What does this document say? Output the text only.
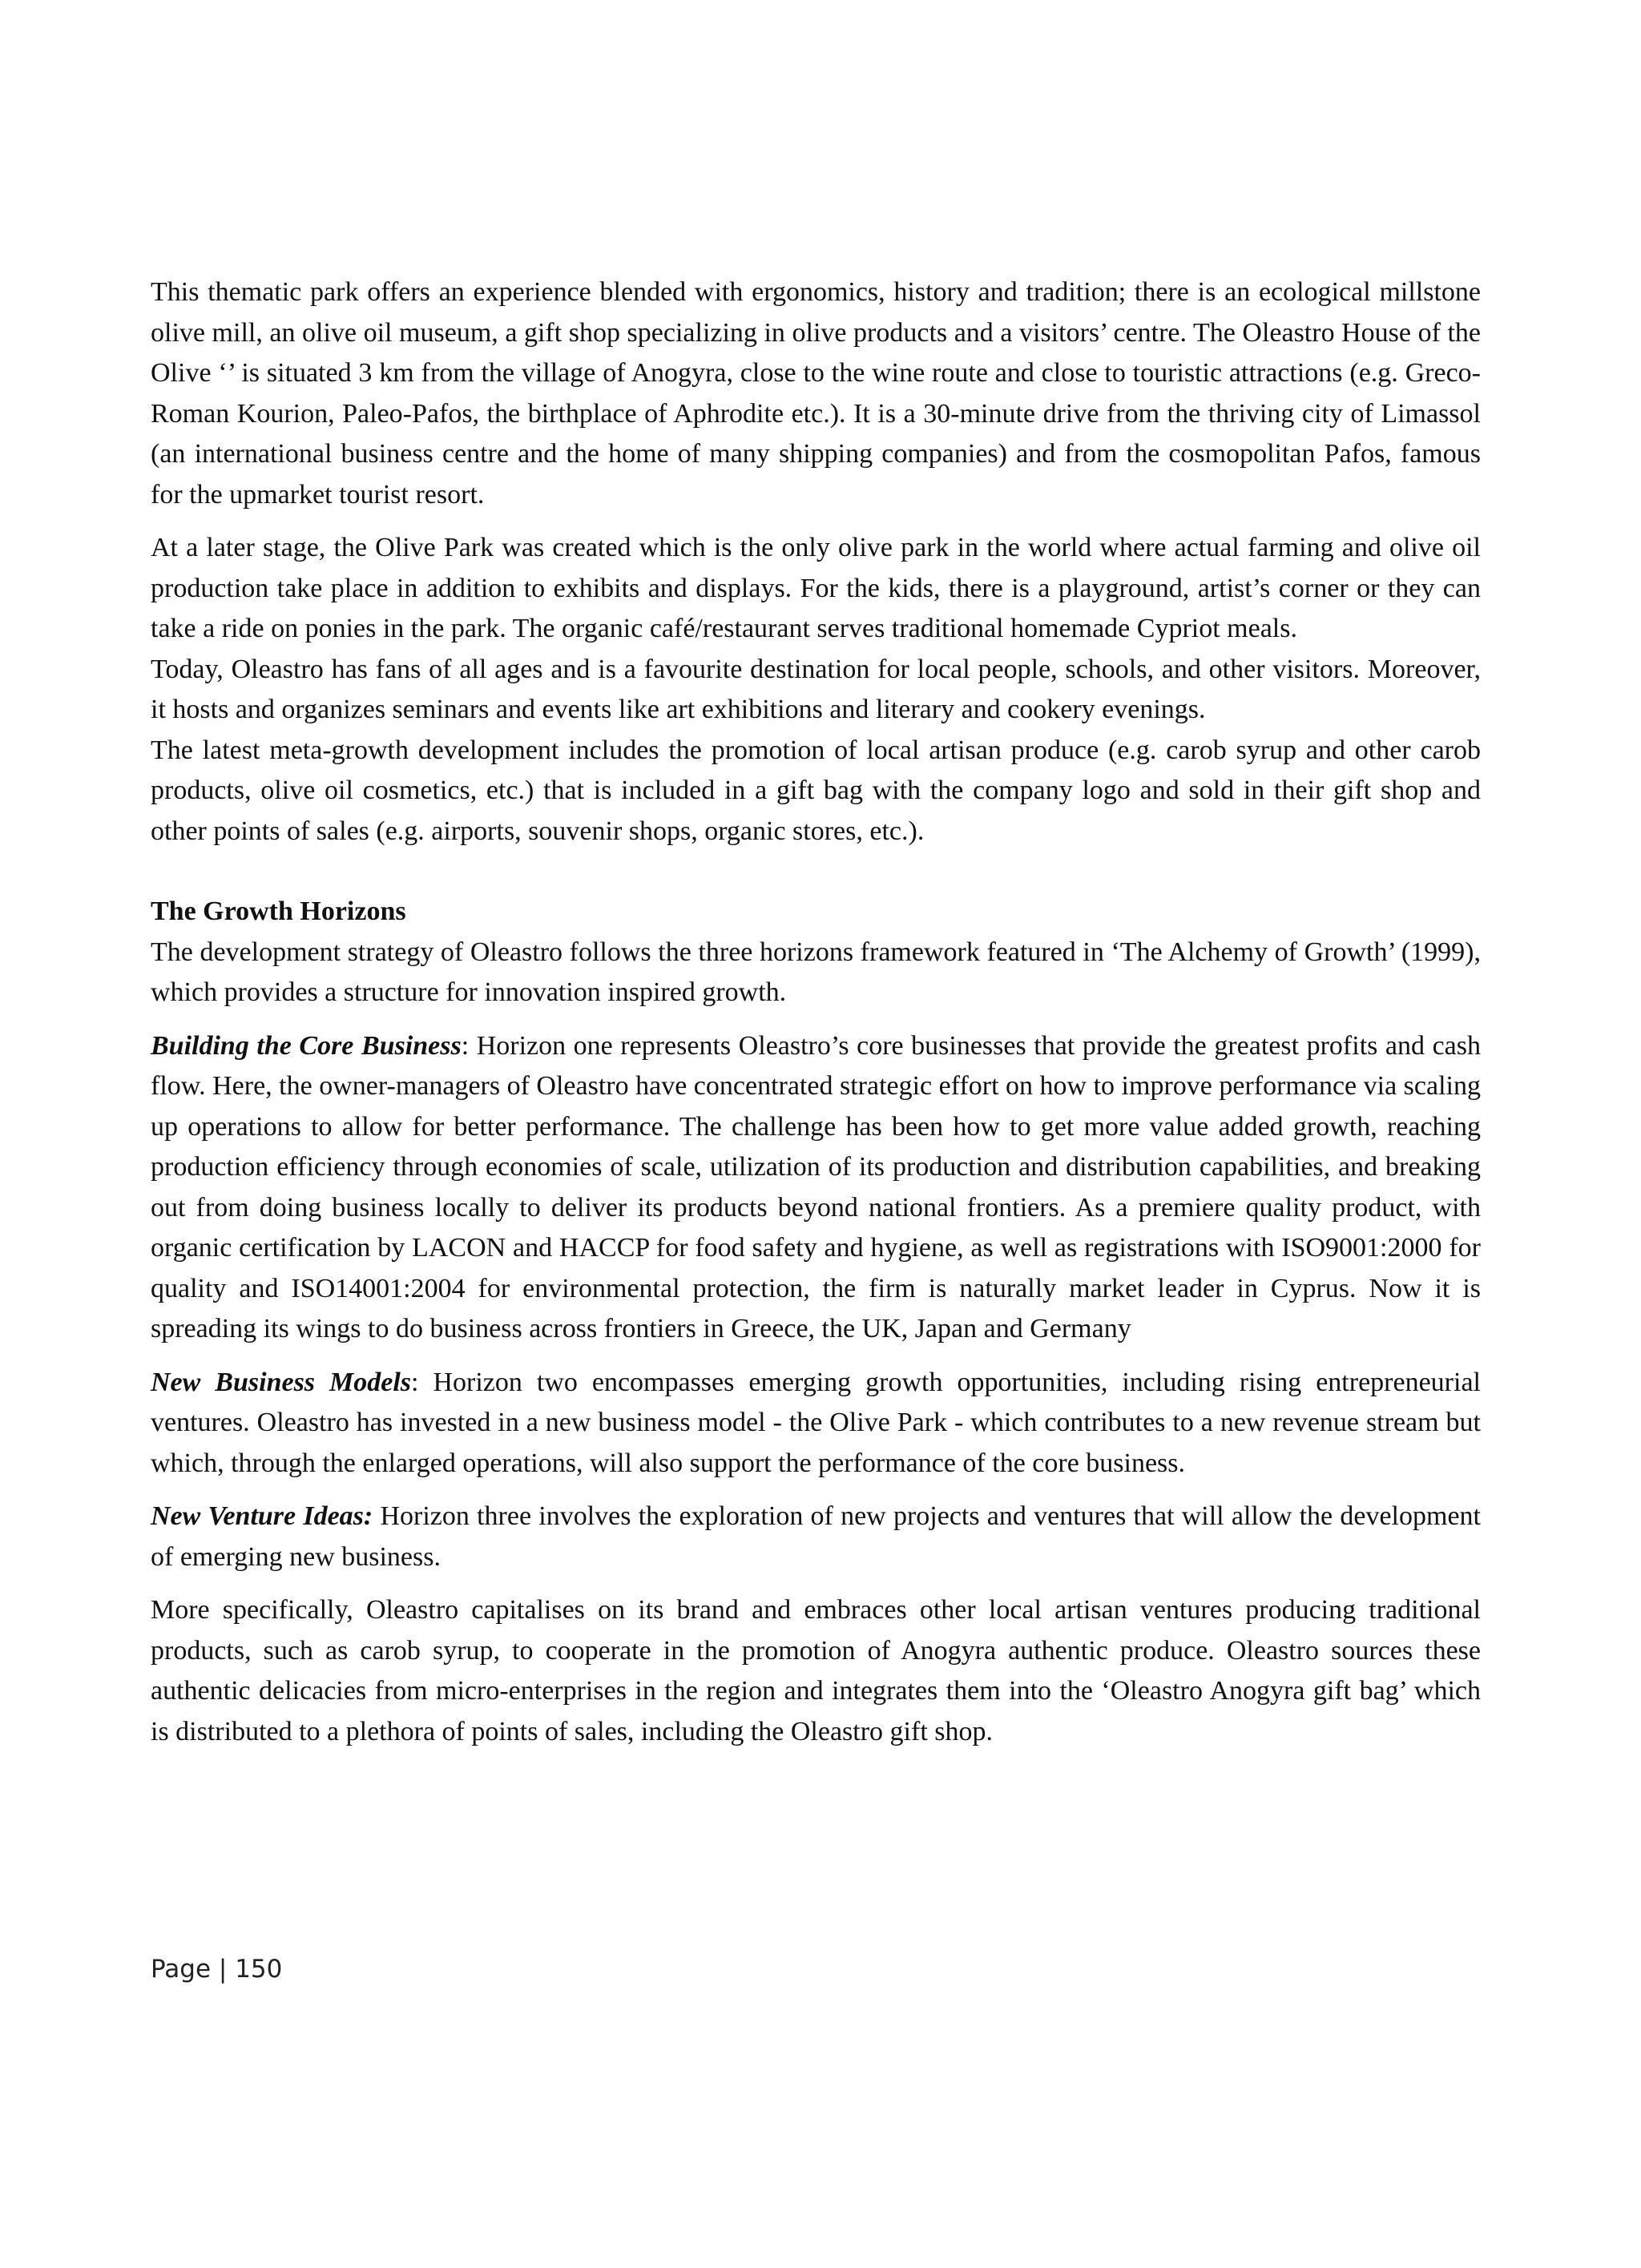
This thematic park offers an experience blended with ergonomics, history and tradition; there is an ecological millstone olive mill, an olive oil museum, a gift shop specializing in olive products and a visitors’ centre. The Oleastro House of the Olive ‘’ is situated 3 km from the village of Anogyra, close to the wine route and close to touristic attractions (e.g. Greco-Roman Kourion, Paleo-Pafos, the birthplace of Aphrodite etc.). It is a 30-minute drive from the thriving city of Limassol (an international business centre and the home of many shipping companies) and from the cosmopolitan Pafos, famous for the upmarket tourist resort.

At a later stage, the Olive Park was created which is the only olive park in the world where actual farming and olive oil production take place in addition to exhibits and displays. For the kids, there is a playground, artist’s corner or they can take a ride on ponies in the park. The organic café/restaurant serves traditional homemade Cypriot meals.

Today, Oleastro has fans of all ages and is a favourite destination for local people, schools, and other visitors. Moreover, it hosts and organizes seminars and events like art exhibitions and literary and cookery evenings.

The latest meta-growth development includes the promotion of local artisan produce (e.g. carob syrup and other carob products, olive oil cosmetics, etc.) that is included in a gift bag with the company logo and sold in their gift shop and other points of sales (e.g. airports, souvenir shops, organic stores, etc.).

The Growth Horizons

The development strategy of Oleastro follows the three horizons framework featured in ‘The Alchemy of Growth’ (1999), which provides a structure for innovation inspired growth.

Building the Core Business: Horizon one represents Oleastro’s core businesses that provide the greatest profits and cash flow. Here, the owner-managers of Oleastro have concentrated strategic effort on how to improve performance via scaling up operations to allow for better performance. The challenge has been how to get more value added growth, reaching production efficiency through economies of scale, utilization of its production and distribution capabilities, and breaking out from doing business locally to deliver its products beyond national frontiers. As a premiere quality product, with organic certification by LACON and HACCP for food safety and hygiene, as well as registrations with ISO9001:2000 for quality and ISO14001:2004 for environmental protection, the firm is naturally market leader in Cyprus. Now it is spreading its wings to do business across frontiers in Greece, the UK, Japan and Germany

New Business Models: Horizon two encompasses emerging growth opportunities, including rising entrepreneurial ventures. Oleastro has invested in a new business model - the Olive Park - which contributes to a new revenue stream but which, through the enlarged operations, will also support the performance of the core business.

New Venture Ideas: Horizon three involves the exploration of new projects and ventures that will allow the development of emerging new business.

More specifically, Oleastro capitalises on its brand and embraces other local artisan ventures producing traditional products, such as carob syrup, to cooperate in the promotion of Anogyra authentic produce. Oleastro sources these authentic delicacies from micro-enterprises in the region and integrates them into the ‘Oleastro Anogyra gift bag’ which is distributed to a plethora of points of sales, including the Oleastro gift shop.

Page | 150
